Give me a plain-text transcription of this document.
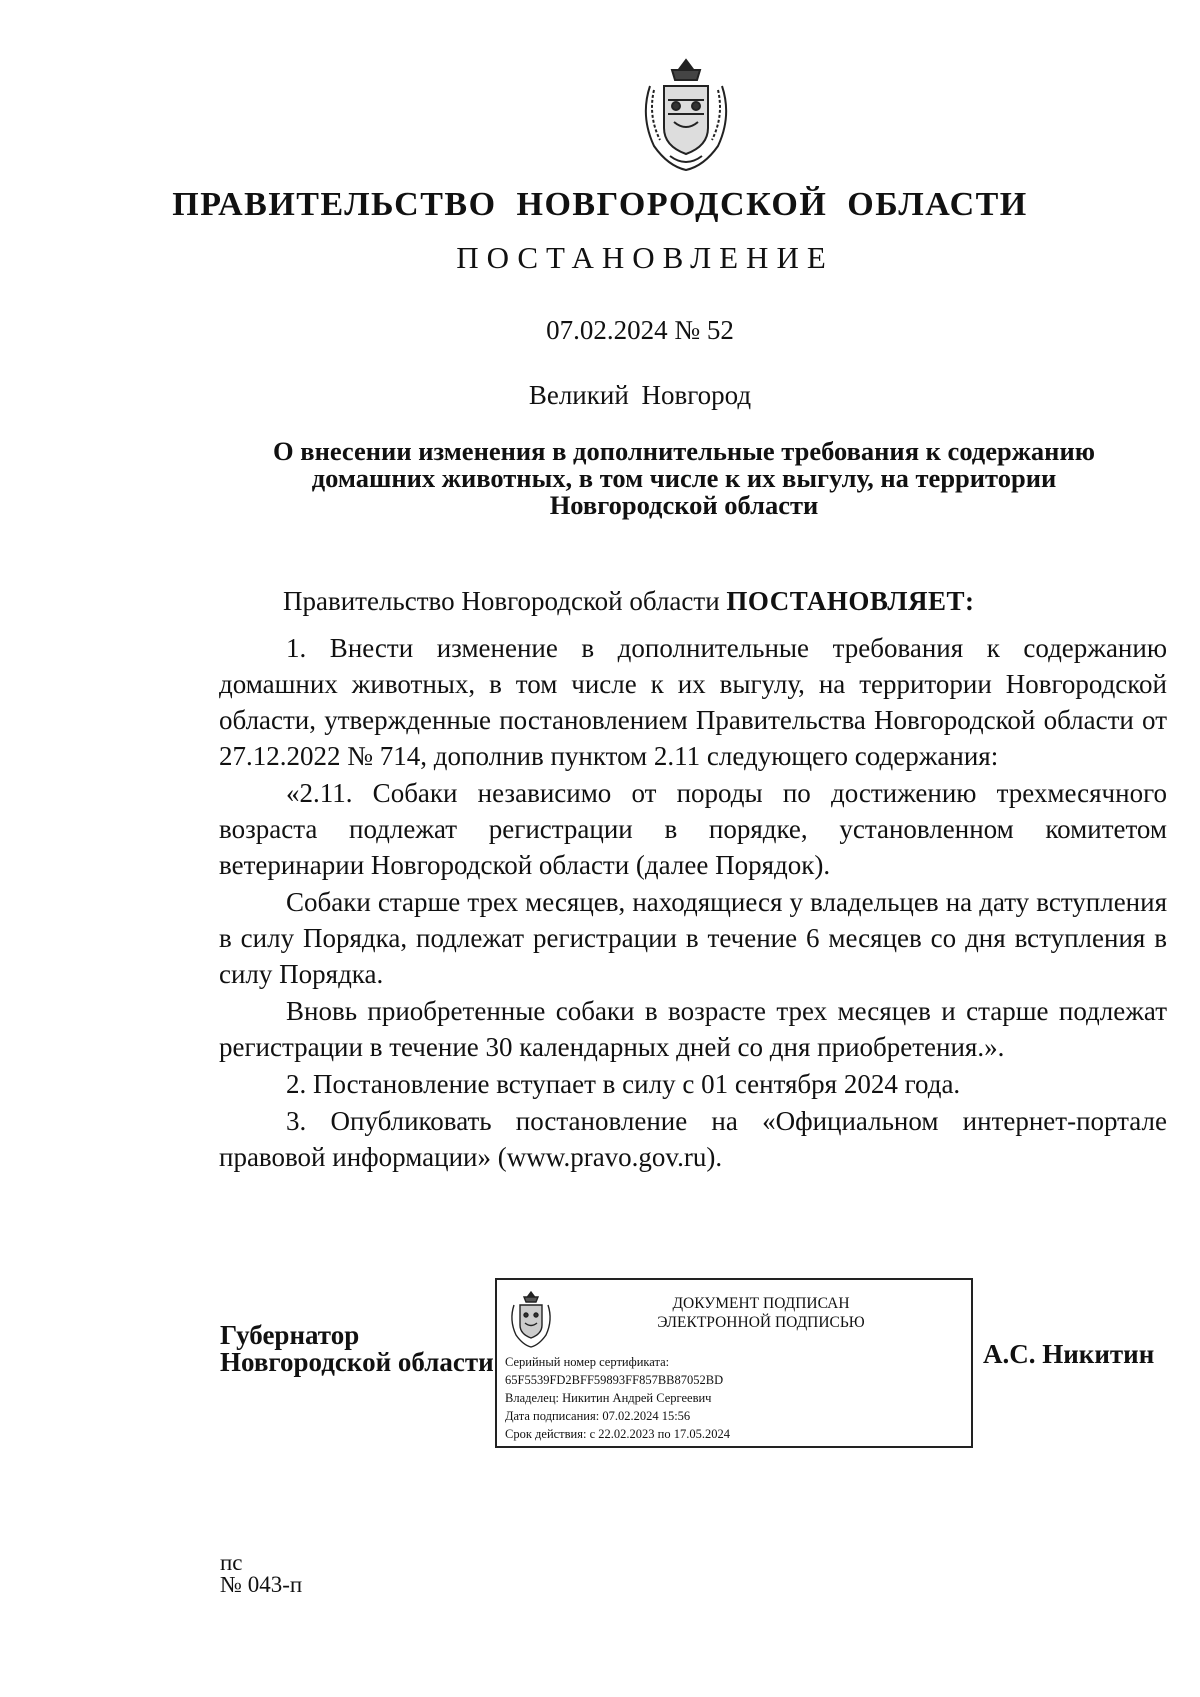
ПРАВИТЕЛЬСТВО НОВГОРОДСКОЙ ОБЛАСТИ
ПОСТАНОВЛЕНИЕ
07.02.2024 № 52
Великий Новгород
О внесении изменения в дополнительные требования к содержанию
домашних животных, в том числе к их выгулу, на территории
Новгородской области

Правительство Новгородской области ПОСТАНОВЛЯЕТ:

1. Внести изменение в дополнительные требования к содержанию домашних животных, в том числе к их выгулу, на территории Новгородской области, утвержденные постановлением Правительства Новгородской области от 27.12.2022 № 714, дополнив пунктом 2.11 следующего содержания:

«2.11. Собаки независимо от породы по достижению трехмесячного возраста подлежат регистрации в порядке, установленном комитетом ветеринарии Новгородской области (далее Порядок).

Собаки старше трех месяцев, находящиеся у владельцев на дату вступления в силу Порядка, подлежат регистрации в течение 6 месяцев со дня вступления в силу Порядка.

Вновь приобретенные собаки в возрасте трех месяцев и старше подлежат регистрации в течение 30 календарных дней со дня приобретения.».

2. Постановление вступает в силу с 01 сентября 2024 года.

3. Опубликовать постановление на «Официальном интернет-портале правовой информации» (www.pravo.gov.ru).

Губернатор
Новгородской области
ДОКУМЕНТ ПОДПИСАН
ЭЛЕКТРОННОЙ ПОДПИСЬЮ
Серийный номер сертификата:
65F5539FD2BFF59893FF857BB87052BD
Владелец: Никитин Андрей Сергеевич
Дата подписания: 07.02.2024 15:56
Срок действия: с 22.02.2023 по 17.05.2024
А.С. Никитин
пс
№ 043-п
